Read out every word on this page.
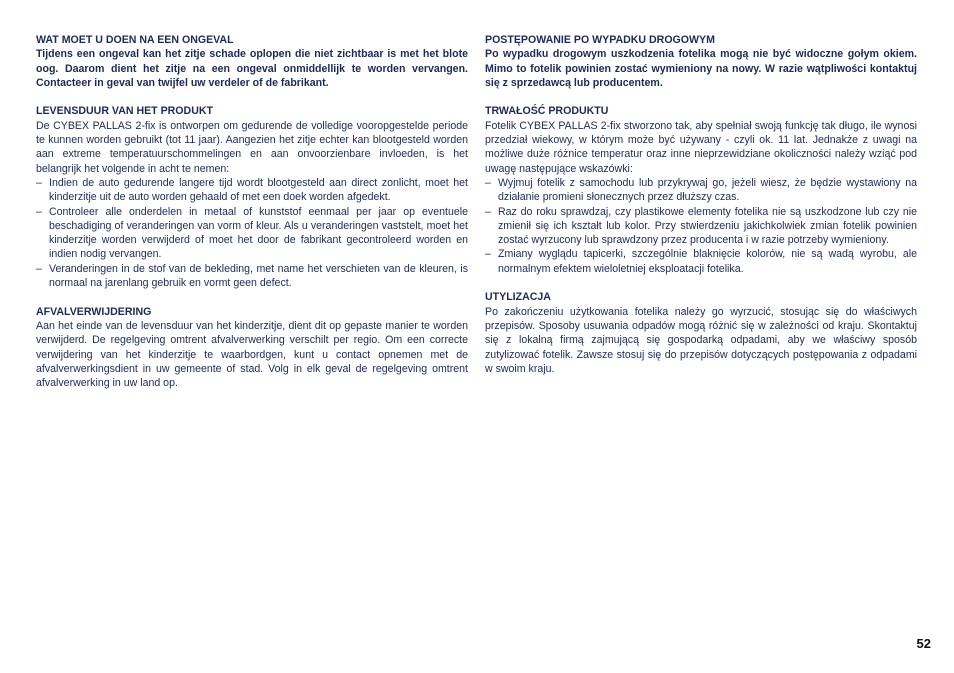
WAT MOET U DOEN NA EEN ONGEVAL

Tijdens een ongeval kan het zitje schade oplopen die niet zichtbaar is met het blote oog. Daarom dient het zitje na een ongeval onmiddellijk te worden vervangen. Contacteer in geval van twijfel uw verdeler of de fabrikant.

LEVENSDUUR VAN HET PRODUKT

De CYBEX PALLAS 2-fix is ontworpen om gedurende de volledige vooropgestelde periode te kunnen worden gebruikt (tot 11 jaar). Aangezien het zitje echter kan blootgesteld worden aan extreme temperatuurschommelingen en aan onvoorzienbare invloeden, is het belangrijk het volgende in acht te nemen:

– Indien de auto gedurende langere tijd wordt blootgesteld aan direct zonlicht, moet het kinderzitje uit de auto worden gehaald of met een doek worden afgedekt.
– Controleer alle onderdelen in metaal of kunststof eenmaal per jaar op eventuele beschadiging of veranderingen van vorm of kleur. Als u veranderingen vaststelt, moet het kinderzitje worden verwijderd of moet het door de fabrikant gecontroleerd worden en indien nodig vervangen.
– Veranderingen in de stof van de bekleding, met name het verschieten van de kleuren, is normaal na jarenlang gebruik en vormt geen defect.

AFVALVERWIJDERING

Aan het einde van de levensduur van het kinderzitje, dient dit op gepaste manier te worden verwijderd. De regelgeving omtrent afvalverwerking verschilt per regio. Om een correcte verwijdering van het kinderzitje te waarbordgen, kunt u contact opnemen met de afvalverwerkingsdient in uw gemeente of stad. Volg in elk geval de regelgeving omtrent afvalverwerking in uw land op.

POSTĘPOWANIE PO WYPADKU DROGOWYM

Po wypadku drogowym uszkodzenia fotelika mogą nie być widoczne gołym okiem. Mimo to fotelik powinien zostać wymieniony na nowy. W razie wątpliwości kontaktuj się z sprzedawcą lub producentem.

TRWAŁOŚĆ PRODUKTU

Fotelik CYBEX PALLAS 2-fix stworzono tak, aby spełniał swoją funkcję tak długo, ile wynosi przedział wiekowy, w którym może być używany - czyli ok. 11 lat. Jednakże z uwagi na możliwe duże różnice temperatur oraz inne nieprzewidziane okoliczności należy wziąć pod uwagę następujące wskazówki:

– Wyjmuj fotelik z samochodu lub przykrywaj go, jeżeli wiesz, że będzie wystawiony na działanie promieni słonecznych przez dłuższy czas.
– Raz do roku sprawdzaj, czy plastikowe elementy fotelika nie są uszkodzone lub czy nie zmienił się ich kształt lub kolor. Przy stwierdzeniu jakichkolwiek zmian fotelik powinien zostać wyrzucony lub sprawdzony przez producenta i w razie potrzeby wymieniony.
– Zmiany wyglądu tapicerki, szczególnie blaknięcie kolorów, nie są wadą wyrobu, ale normalnym efektem wieloletniej eksploatacji fotelika.

UTYLIZACJA

Po zakończeniu użytkowania fotelika należy go wyrzucić, stosując się do właściwych przepisów. Sposoby usuwania odpadów mogą różnić się w zależności od kraju. Skontaktuj się z lokalną firmą zajmującą się gospodarką odpadami, aby we właściwy sposób zutylizować fotelik. Zawsze stosuj się do przepisów dotyczących postępowania z odpadami w swoim kraju.

52
